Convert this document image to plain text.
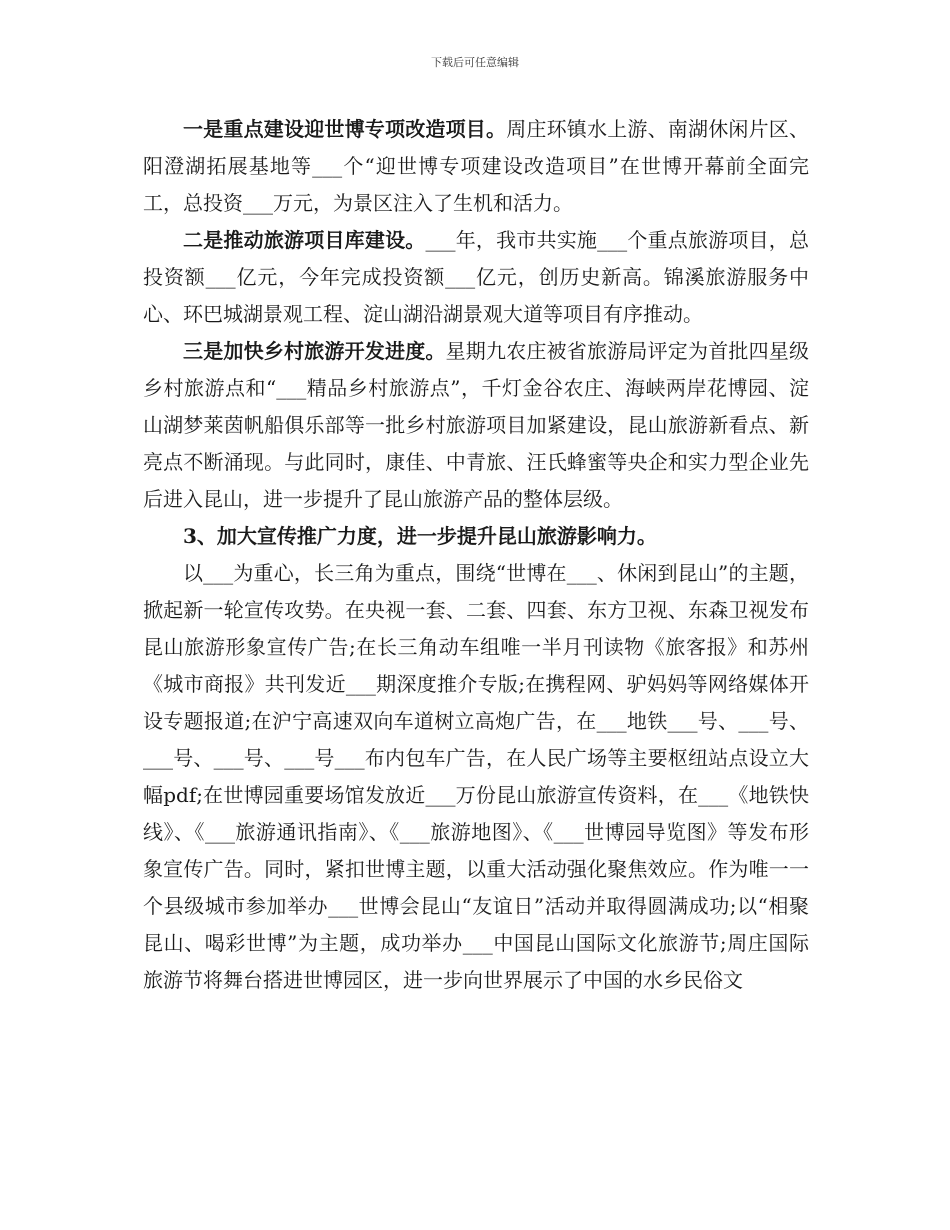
下载后可任意编辑

一是重点建设迎世博专项改造项目。周庄环镇水上游、南湖休闲片区、阳澄湖拓展基地等___个“迎世博专项建设改造项目”在世博开幕前全面完工，总投资___万元，为景区注入了生机和活力。

二是推动旅游项目库建设。___年，我市共实施___个重点旅游项目，总投资额___亿元，今年完成投资额___亿元，创历史新高。锦溪旅游服务中心、环巴城湖景观工程、淀山湖沿湖景观大道等项目有序推动。

三是加快乡村旅游开发进度。星期九农庄被省旅游局评定为首批四星级乡村旅游点和“___精品乡村旅游点”，千灯金谷农庄、海峡两岸花博园、淀山湖梦莱茵帆船俱乐部等一批乡村旅游项目加紧建设，昆山旅游新看点、新亮点不断涌现。与此同时，康佳、中青旅、汪氏蜂蜜等央企和实力型企业先后进入昆山，进一步提升了昆山旅游产品的整体层级。

3、加大宣传推广力度，进一步提升昆山旅游影响力。

以___为重心，长三角为重点，围绕“世博在___、休闲到昆山”的主题，掀起新一轮宣传攻势。在央视一套、二套、四套、东方卫视、东森卫视发布昆山旅游形象宣传广告;在长三角动车组唯一半月刊读物《旅客报》和苏州《城市商报》共刊发近___期深度推介专版;在携程网、驴妈妈等网络媒体开设专题报道;在沪宁高速双向车道树立高炮广告，在___地铁___号、___号、___号、___号、___号___布内包车广告，在人民广场等主要枢纽站点设立大幅pdf;在世博园重要场馆发放近___万份昆山旅游宣传资料，在___《地铁快线》、《___旅游通讯指南》、《___旅游地图》、《___世博园导览图》等发布形象宣传广告。同时，紧扣世博主题，以重大活动强化聚焦效应。作为唯一一个县级城市参加举办___世博会昆山“友谊日”活动并取得圆满成功;以“相聚昆山、喝彩世博”为主题，成功举办___中国昆山国际文化旅游节;周庄国际旅游节将舞台搭进世博园区，进一步向世界展示了中国的水乡民俗文
